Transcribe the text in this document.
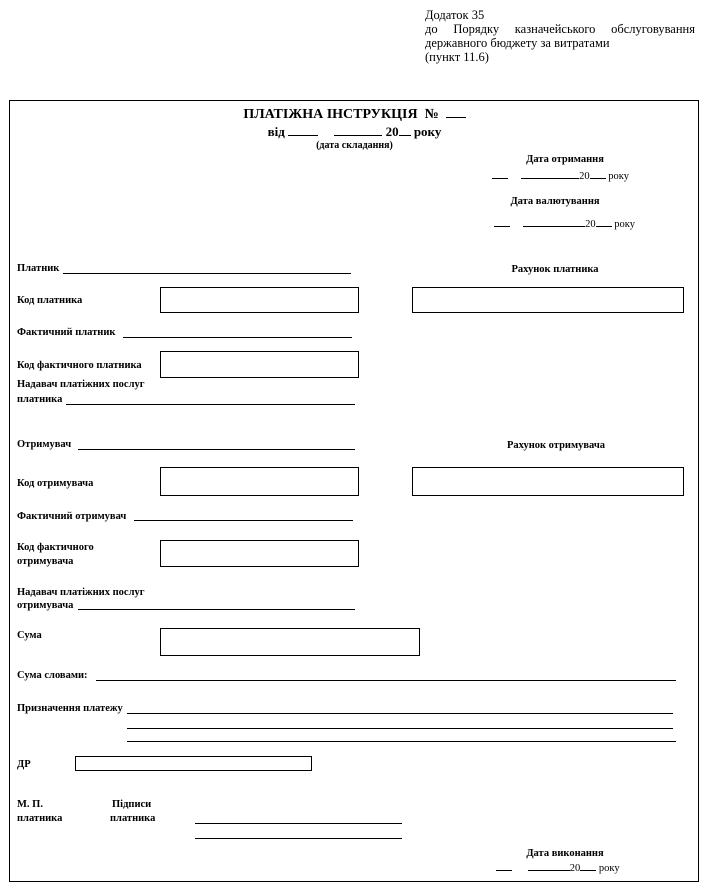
Додаток 35
до Порядку казначейського обслуговування
державного бюджету за витратами
(пункт 11.6)
ПЛАТІЖНА ІНСТРУКЦІЯ №
від	20 року
(дата складання)
Дата отримання
20 року
Дата валютування
20 року
Платник	Рахунок платника
Код платника
Фактичний платник
Код фактичного платника
Надавач платіжних послуг
платника
Отримувач	Рахунок отримувача
Код отримувача
Фактичний отримувач
Код фактичного
отримувача
Надавач платіжних послуг
отримувача
Сума
Сума словами:
Призначення платежу
ДР
М. П.
платника
Підписи
платника
Дата виконання
20 року
